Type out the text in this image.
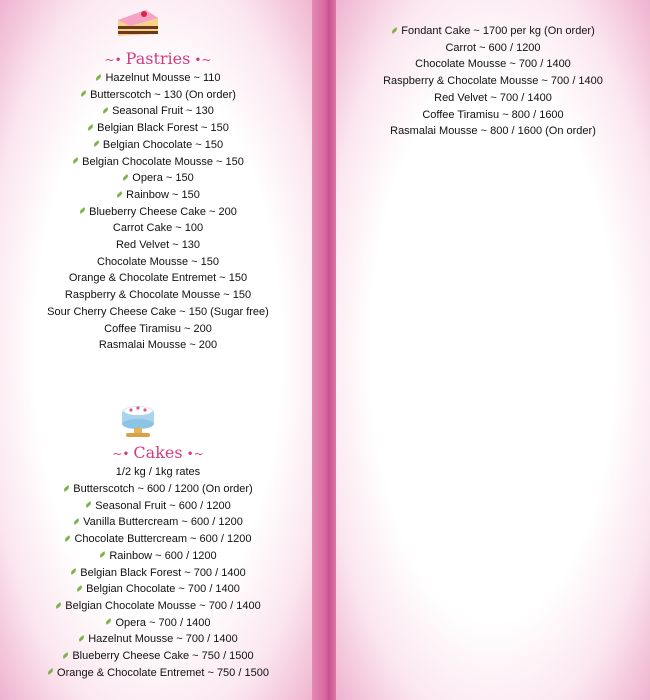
~• Pastries •~
Hazelnut Mousse ~ 110
Butterscotch ~ 130 (On order)
Seasonal Fruit ~ 130
Belgian Black Forest ~ 150
Belgian Chocolate ~ 150
Belgian Chocolate Mousse ~ 150
Opera ~ 150
Rainbow ~ 150
Blueberry Cheese Cake ~ 200
Carrot Cake ~ 100
Red Velvet ~ 130
Chocolate Mousse ~ 150
Orange & Chocolate Entremet ~ 150
Raspberry & Chocolate Mousse ~ 150
Sour Cherry Cheese Cake ~ 150 (Sugar free)
Coffee Tiramisu ~ 200
Rasmalai Mousse ~ 200
~• Cakes •~
1/2 kg / 1kg rates
Butterscotch ~ 600 / 1200 (On order)
Seasonal Fruit ~ 600 / 1200
Vanilla Buttercream ~ 600 / 1200
Chocolate Buttercream ~ 600 / 1200
Rainbow ~ 600 / 1200
Belgian Black Forest ~ 700 / 1400
Belgian Chocolate ~ 700 / 1400
Belgian Chocolate Mousse ~ 700 / 1400
Opera ~ 700 / 1400
Hazelnut Mousse ~ 700 / 1400
Blueberry Cheese Cake ~ 750 / 1500
Orange & Chocolate Entremet ~ 750 / 1500
Fondant Cake ~ 1700 per kg (On order)
Carrot ~ 600 / 1200
Chocolate Mousse ~ 700 / 1400
Raspberry & Chocolate Mousse ~ 700 / 1400
Red Velvet ~ 700 / 1400
Coffee Tiramisu ~ 800 / 1600
Rasmalai Mousse ~ 800 / 1600 (On order)
